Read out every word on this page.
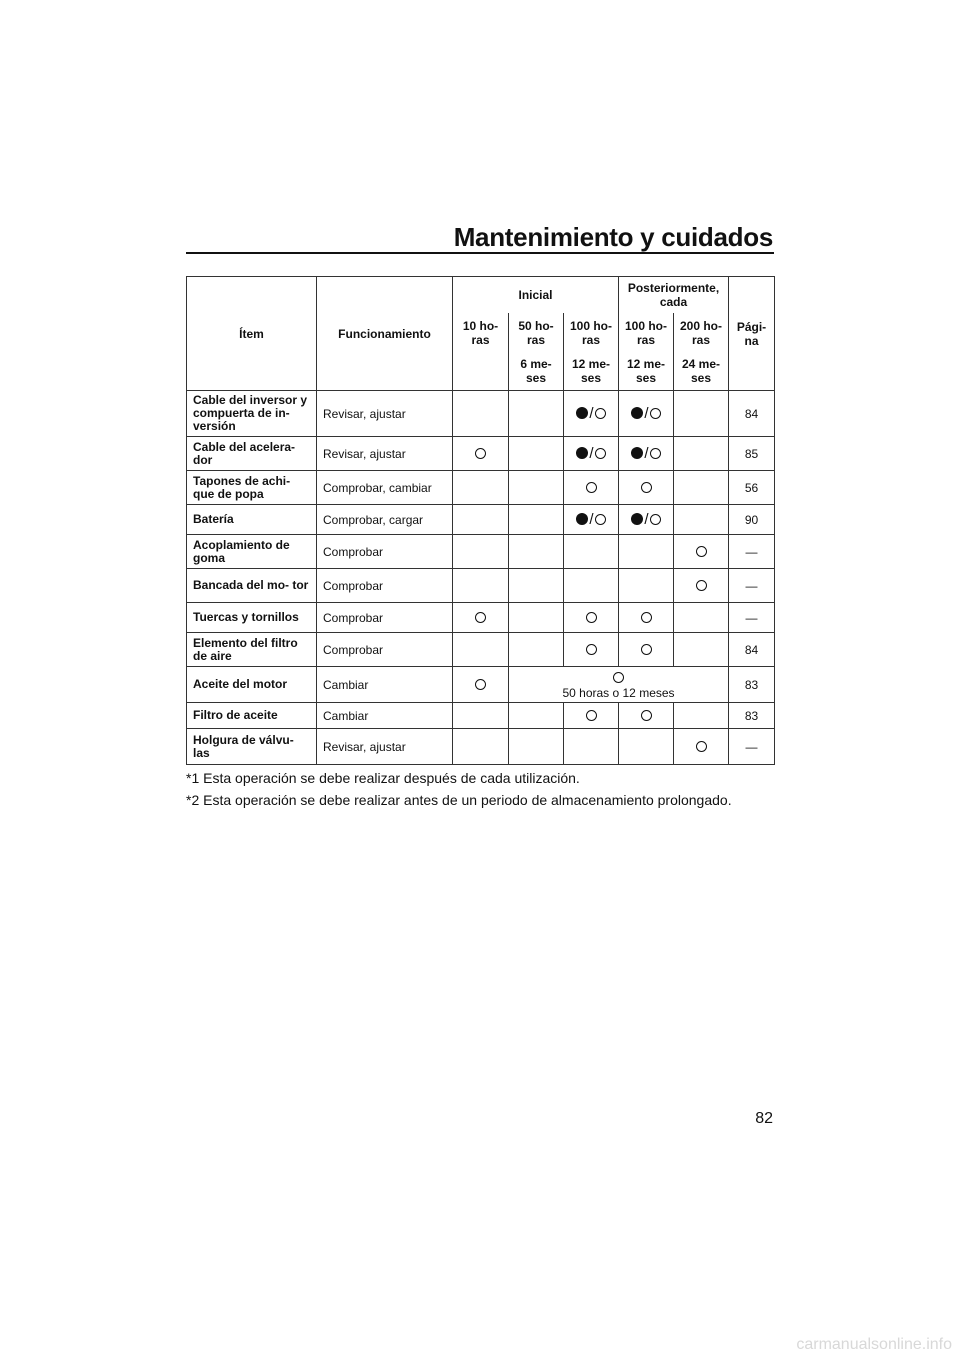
Mantenimiento y cuidados
Ítem	Funcionamiento	Inicial			Posteriormente, cada		Pági- na
		10 ho- ras	50 ho- ras	100 ho- ras	100 ho- ras	200 ho- ras	
			6 me- ses	12 me- ses	12 me- ses	24 me- ses	
Cable del inversor y compuerta de in- versión	Revisar, ajustar			/	/		84
Cable del acelera- dor	Revisar, ajustar			/	/		85
Tapones de achi- que de popa	Comprobar, cambiar						56
Batería	Comprobar, cargar			/	/		90
Acoplamiento de goma	Comprobar						—
Bancada del mo- tor	Comprobar						—
Tuercas y tornillos	Comprobar						—
Elemento del filtro de aire	Comprobar						84
Aceite del motor	Cambiar		50 horas o 12 meses				83
Filtro de aceite	Cambiar						83
Holgura de válvu- las	Revisar, ajustar						—
*1 Esta operación se debe realizar después de cada utilización.
*2 Esta operación se debe realizar antes de un periodo de almacenamiento prolongado.
82
carmanualsonline.info
